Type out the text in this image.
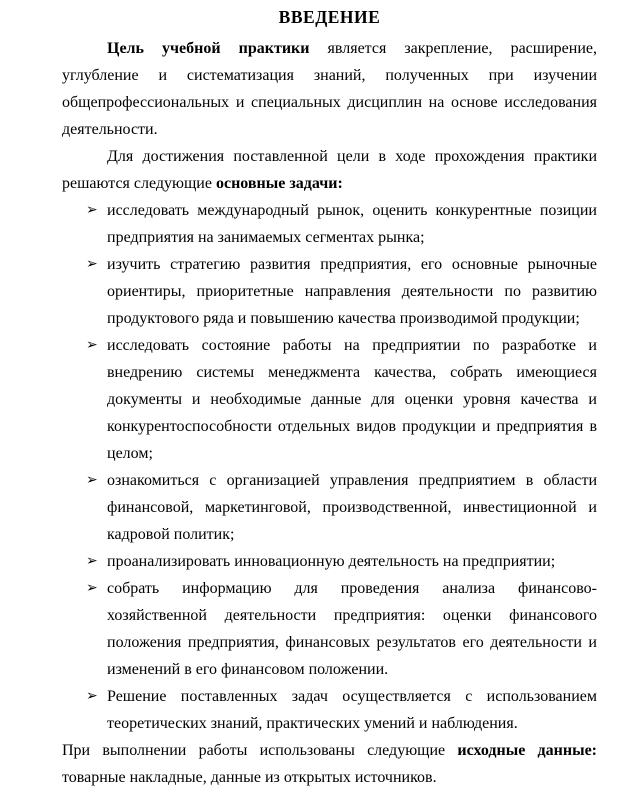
ВВЕДЕНИЕ

Цель учебной практики является закрепление, расширение, углубление и систематизация знаний, полученных при изучении общепрофессиональных и специальных дисциплин на основе исследования деятельности.

Для достижения поставленной цели в ходе прохождения практики решаются следующие основные задачи:

➢ исследовать международный рынок, оценить конкурентные позиции предприятия на занимаемых сегментах рынка;
➢ изучить стратегию развития предприятия, его основные рыночные ориентиры, приоритетные направления деятельности по развитию продуктового ряда и повышению качества производимой продукции;
➢ исследовать состояние работы на предприятии по разработке и внедрению системы менеджмента качества, собрать имеющиеся документы и необходимые данные для оценки уровня качества и конкурентоспособности отдельных видов продукции и предприятия в целом;
➢ ознакомиться с организацией управления предприятием в области финансовой, маркетинговой, производственной, инвестиционной и кадровой политик;
➢ проанализировать инновационную деятельность на предприятии;
➢ собрать информацию для проведения анализа финансово-хозяйственной деятельности предприятия: оценки финансового положения предприятия, финансовых результатов его деятельности и изменений в его финансовом положении.
➢ Решение поставленных задач осуществляется с использованием теоретических знаний, практических умений и наблюдения.

При выполнении работы использованы следующие исходные данные: товарные накладные, данные из открытых источников.
